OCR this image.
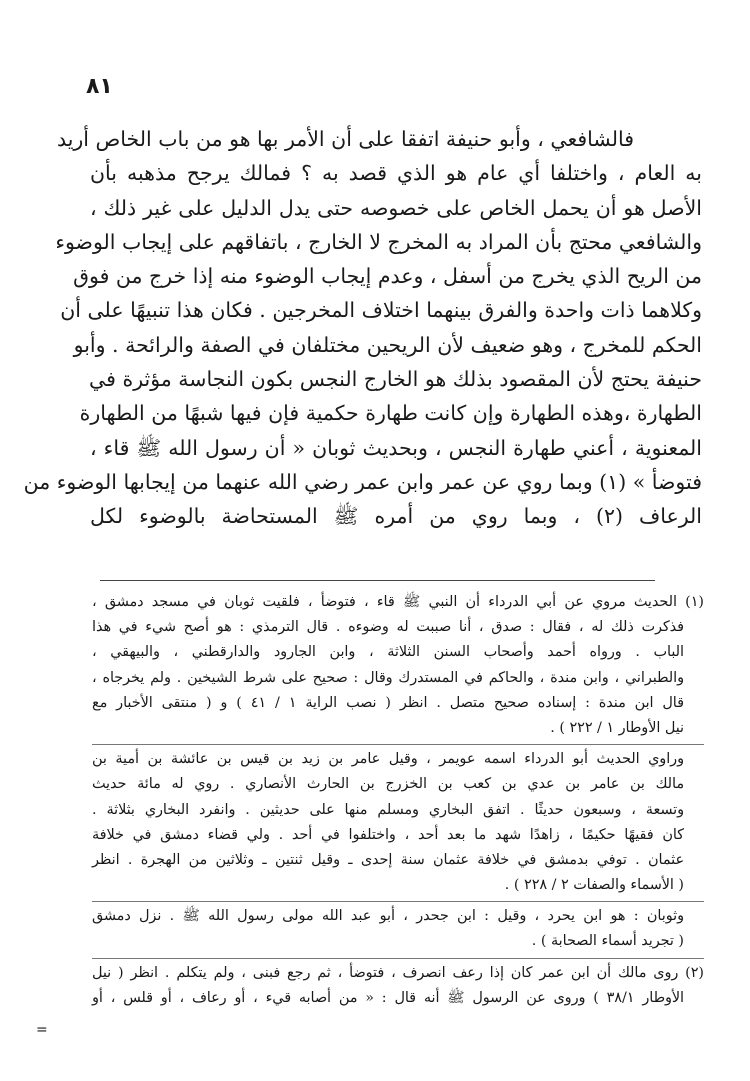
٨١
فالشافعي ، وأبو حنيفة اتفقا على أن الأمر بها هو من باب الخاص أريد
به العام ، واختلفا أي عام هو الذي قصد به ؟ فمالك يرجح مذهبه بأن
الأصل هو أن يحمل الخاص على خصوصه حتى يدل الدليل على غير ذلك ،
والشافعي محتج بأن المراد به المخرج لا الخارج ، باتفاقهم على إيجاب الوضوء
من الريح الذي يخرج من أسفل ، وعدم إيجاب الوضوء منه إذا خرج من فوق
وكلاهما ذات واحدة والفرق بينهما اختلاف المخرجين . فكان هذا تنبيهًا على أن
الحكم للمخرج ، وهو ضعيف لأن الريحين مختلفان في الصفة والرائحة . وأبو
حنيفة يحتج لأن المقصود بذلك هو الخارج النجس بكون النجاسة مؤثرة في
الطهارة ،وهذه الطهارة وإن كانت طهارة حكمية فإن فيها شبهًا من الطهارة
المعنوية ، أعني طهارة النجس ، وبحديث ثوبان « أن رسول الله ﷺ قاء ،
فتوضأ » (١) وبما روي عن عمر وابن عمر رضي الله عنهما من إيجابها الوضوء من
الرعاف (٢) ، وبما روي من أمره ﷺ المستحاضة بالوضوء لكل
(١) الحديث مروي عن أبي الدرداء أن النبي ﷺ قاء ، فتوضأ ، فلقيت ثوبان في مسجد دمشق ،
فذكرت ذلك له ، فقال : صدق ، أنا صببت له وضوءه . قال الترمذي : هو أصح شيء في هذا
الباب . ورواه أحمد وأصحاب السنن الثلاثة ، وابن الجارود والدارقطني ، والبيهقي ،
والطبراني ، وابن مندة ، والحاكم في المستدرك وقال : صحيح على شرط الشيخين . ولم يخرجاه ،
قال ابن مندة : إسناده صحيح متصل . انظر ( نصب الراية ١ / ٤١ ) و ( منتقى الأخبار مع
نيل الأوطار ١ / ٢٢٢ ) .
وراوي الحديث أبو الدرداء اسمه عويمر ، وقيل عامر بن زيد بن قيس بن عائشة بن أمية بن
مالك بن عامر بن عدي بن كعب بن الخزرج بن الحارث الأنصاري . روي له مائة حديث
وتسعة ، وسبعون حديثًا . اتفق البخاري ومسلم منها على حديثين . وانفرد البخاري بثلاثة .
كان فقيهًا حكيمًا ، زاهدًا شهد ما بعد أحد ، واختلفوا في أحد . ولي قضاء دمشق في خلافة
عثمان . توفي بدمشق في خلافة عثمان سنة إحدى ـ وقيل ثنتين ـ وثلاثين من الهجرة . انظر
( الأسماء والصفات ٢ / ٢٢٨ ) .
وثوبان : هو ابن يحرد ، وقيل : ابن جحدر ، أبو عبد الله مولى رسول الله ﷺ . نزل دمشق
( تجريد أسماء الصحابة ) .
(٢) روى مالك أن ابن عمر كان إذا رعف انصرف ، فتوضأ ، ثم رجع فبنى ، ولم يتكلم . انظر ( نيل
الأوطار ٣٨/١ ) وروى عن الرسول ﷺ أنه قال : « من أصابه قيء ، أو رعاف ، أو قلس ، أو
=
